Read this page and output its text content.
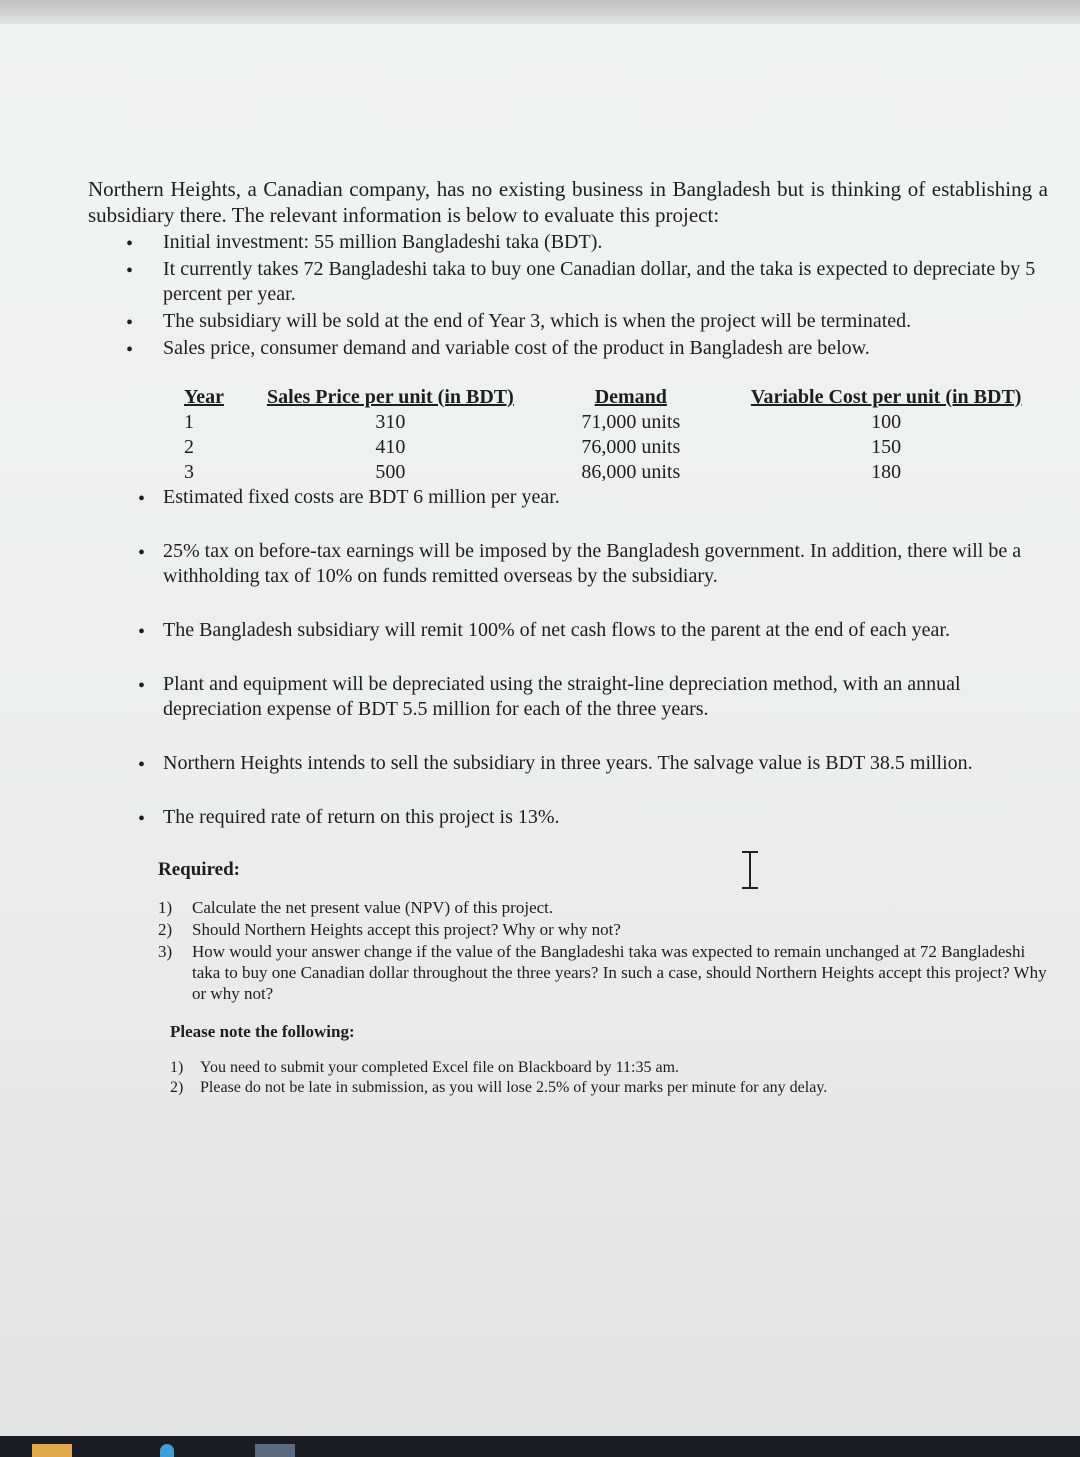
Northern Heights, a Canadian company, has no existing business in Bangladesh but is thinking of establishing a subsidiary there. The relevant information is below to evaluate this project:

• Initial investment: 55 million Bangladeshi taka (BDT).
• It currently takes 72 Bangladeshi taka to buy one Canadian dollar, and the taka is expected to depreciate by 5 percent per year.
• The subsidiary will be sold at the end of Year 3, which is when the project will be terminated.
• Sales price, consumer demand and variable cost of the product in Bangladesh are below.
Year	Sales Price per unit (in BDT)	Demand	Variable Cost per unit (in BDT)
1	310	71,000 units	100
2	410	76,000 units	150
3	500	86,000 units	180
• Estimated fixed costs are BDT 6 million per year.
• 25% tax on before-tax earnings will be imposed by the Bangladesh government. In addition, there will be a withholding tax of 10% on funds remitted overseas by the subsidiary.
• The Bangladesh subsidiary will remit 100% of net cash flows to the parent at the end of each year.
• Plant and equipment will be depreciated using the straight-line depreciation method, with an annual depreciation expense of BDT 5.5 million for each of the three years.
• Northern Heights intends to sell the subsidiary in three years. The salvage value is BDT 38.5 million.
• The required rate of return on this project is 13%.
Required:
1) Calculate the net present value (NPV) of this project.
2) Should Northern Heights accept this project? Why or why not?
3) How would your answer change if the value of the Bangladeshi taka was expected to remain unchanged at 72 Bangladeshi taka to buy one Canadian dollar throughout the three years? In such a case, should Northern Heights accept this project? Why or why not?
Please note the following:
1) You need to submit your completed Excel file on Blackboard by 11:35 am.
2) Please do not be late in submission, as you will lose 2.5% of your marks per minute for any delay.
